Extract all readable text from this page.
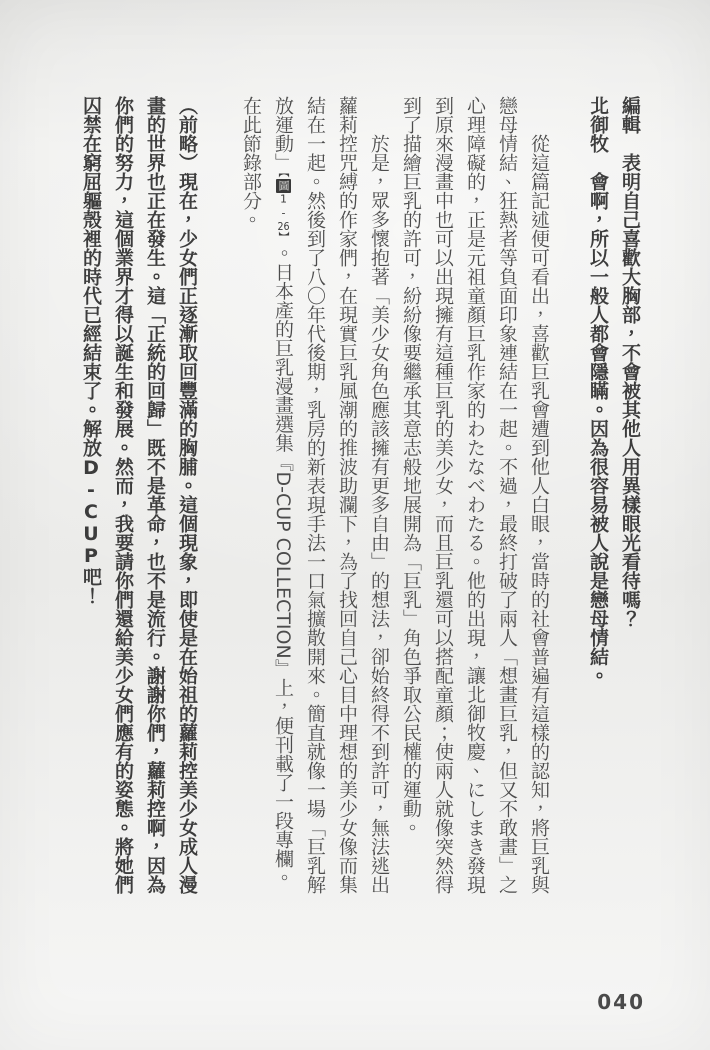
編輯　表明自己喜歡大胸部，不會被其他人用異樣眼光看待嗎？

北御牧　會啊，所以一般人都會隱瞞。因為很容易被人說是戀母情結。

從這篇記述便可看出，喜歡巨乳會遭到他人白眼，當時的社會普遍有這樣的認知，將巨乳與戀母情結、狂熱者等負面印象連結在一起。不過，最終打破了兩人「想畫巨乳，但又不敢畫」之心理障礙的，正是元祖童顏巨乳作家的わたなべわたる。他的出現，讓北御牧慶、にしまき發現到原來漫畫中也可以出現擁有這種巨乳的美少女，而且巨乳還可以搭配童顏；使兩人就像突然得到了描繪巨乳的許可，紛紛像要繼承其意志般地展開為「巨乳」角色爭取公民權的運動。

於是，眾多懷抱著「美少女角色應該擁有更多自由」的想法，卻始終得不到許可，無法逃出蘿莉控咒縛的作家們，在現實巨乳風潮的推波助瀾下，為了找回自己心目中理想的美少女像而集結在一起。然後到了八〇年代後期，乳房的新表現手法一口氣擴散開來。簡直就像一場「巨乳解放運動」【圖1-26】。日本產的巨乳漫畫選集『D-CUP COLLECTION』上，便刊載了一段專欄。

在此節錄部分。

（前略）現在，少女們正逐漸取回豐滿的胸脯。這個現象，即使是在始祖的蘿莉控美少女成人漫畫的世界也正在發生。這「正統的回歸」既不是革命，也不是流行。謝謝你們，蘿莉控啊，因為你們的努力，這個業界才得以誕生和發展。然而，我要請你們還給美少女們應有的姿態。將她們囚禁在窮屈軀殼裡的時代已經結束了。解放D-CUP吧！

040
